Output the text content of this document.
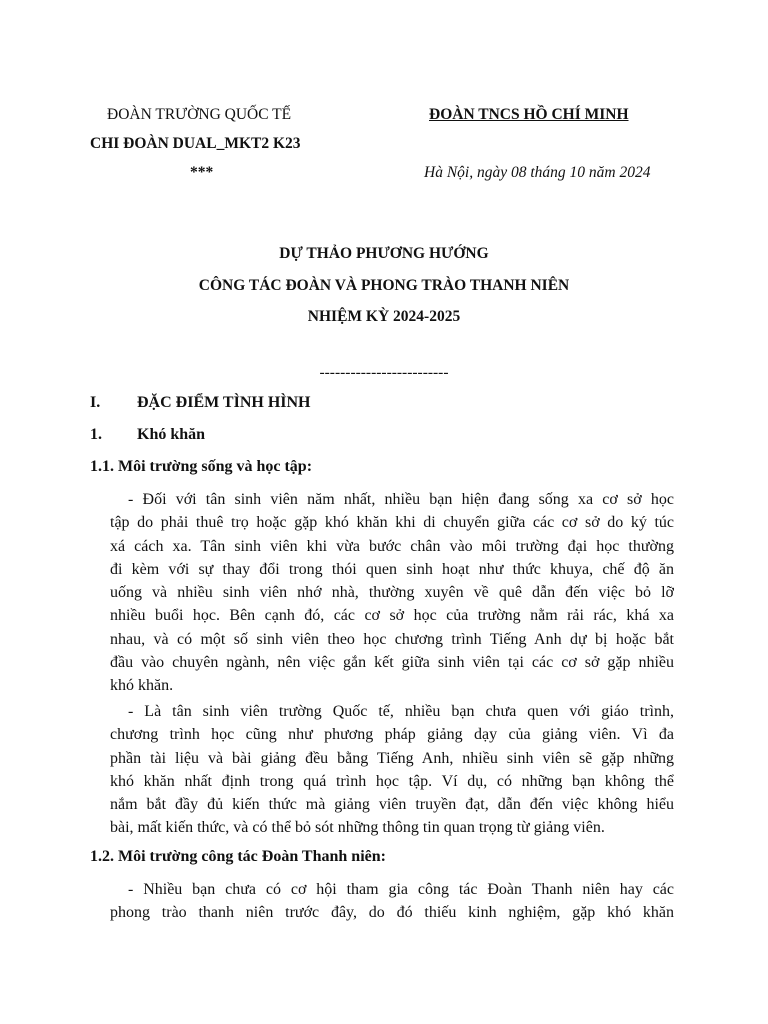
ĐOÀN TRƯỜNG QUỐC TẾ
CHI ĐOÀN DUAL_MKT2 K23
***
ĐOÀN TNCS HỒ CHÍ MINH
Hà Nội, ngày 08 tháng 10 năm 2024
DỰ THẢO PHƯƠNG HƯỚNG
CÔNG TÁC ĐOÀN VÀ PHONG TRÀO THANH NIÊN
NHIỆM KỲ 2024-2025
-------------------------
I. ĐẶC ĐIỂM TÌNH HÌNH
1. Khó khăn
1.1. Môi trường sống và học tập:
- Đối với tân sinh viên năm nhất, nhiều bạn hiện đang sống xa cơ sở học
tập do phải thuê trọ hoặc gặp khó khăn khi di chuyển giữa các cơ sở do ký túc
xá cách xa. Tân sinh viên khi vừa bước chân vào môi trường đại học thường
đi kèm với sự thay đổi trong thói quen sinh hoạt như thức khuya, chế độ ăn
uống và nhiều sinh viên nhớ nhà, thường xuyên về quê dẫn đến việc bỏ lỡ
nhiều buổi học. Bên cạnh đó, các cơ sở học của trường nằm rải rác, khá xa
nhau, và có một số sinh viên theo học chương trình Tiếng Anh dự bị hoặc bắt
đầu vào chuyên ngành, nên việc gắn kết giữa sinh viên tại các cơ sở gặp nhiều
khó khăn.
- Là tân sinh viên trường Quốc tế, nhiều bạn chưa quen với giáo trình,
chương trình học cũng như phương pháp giảng dạy của giảng viên. Vì đa
phần tài liệu và bài giảng đều bằng Tiếng Anh, nhiều sinh viên sẽ gặp những
khó khăn nhất định trong quá trình học tập. Ví dụ, có những bạn không thể
nắm bắt đầy đủ kiến thức mà giảng viên truyền đạt, dẫn đến việc không hiểu
bài, mất kiến thức, và có thể bỏ sót những thông tin quan trọng từ giảng viên.
1.2. Môi trường công tác Đoàn Thanh niên:
- Nhiều bạn chưa có cơ hội tham gia công tác Đoàn Thanh niên hay các
phong trào thanh niên trước đây, do đó thiếu kinh nghiệm, gặp khó khăn
